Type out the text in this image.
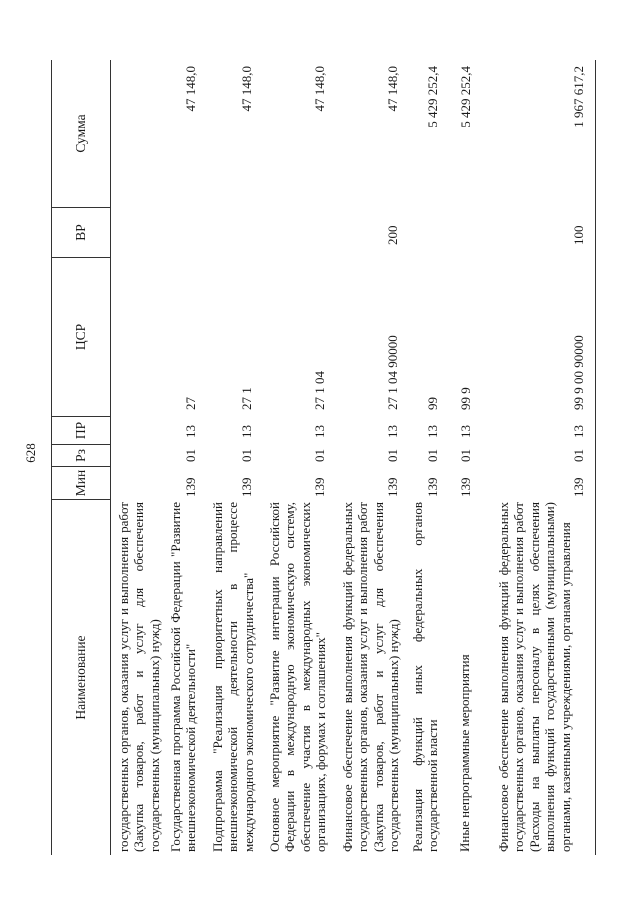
628
Наименование
Мин
Рз
ПР
ЦСР
ВР
Сумма
государственных органов, оказания услуг и выполнения работ (Закупка товаров, работ и услуг для обеспечения государственных (муниципальных) нужд) Государственная программа Российской Федерации "Развитие внешнеэкономической деятельности"
139
01
13
27
47 148,0
Подпрограмма "Реализация приоритетных направлений внешнеэкономической деятельности в процессе международного экономического сотрудничества"
139
01
13
27 1
47 148,0
Основное мероприятие "Развитие интеграции Российской Федерации в международную экономическую систему, обеспечение участия в международных экономических организациях, форумах и соглашениях"
139
01
13
27 1 04
47 148,0
Финансовое обеспечение выполнения функций федеральных государственных органов, оказания услуг и выполнения работ (Закупка товаров, работ и услуг для обеспечения государственных (муниципальных) нужд)
139
01
13
27 1 04 90000
200
47 148,0
Реализация функций иных федеральных органов государственной власти
139
01
13
99
5 429 252,4
Иные непрограммные мероприятия
139
01
13
99 9
5 429 252,4
Финансовое обеспечение выполнения функций федеральных государственных органов, оказания услуг и выполнения работ (Расходы на выплаты персоналу в целях обеспечения выполнения функций государственными (муниципальными) органами, казенными учреждениями, органами управления
139
01
13
99 9 00 90000
100
1 967 617,2
